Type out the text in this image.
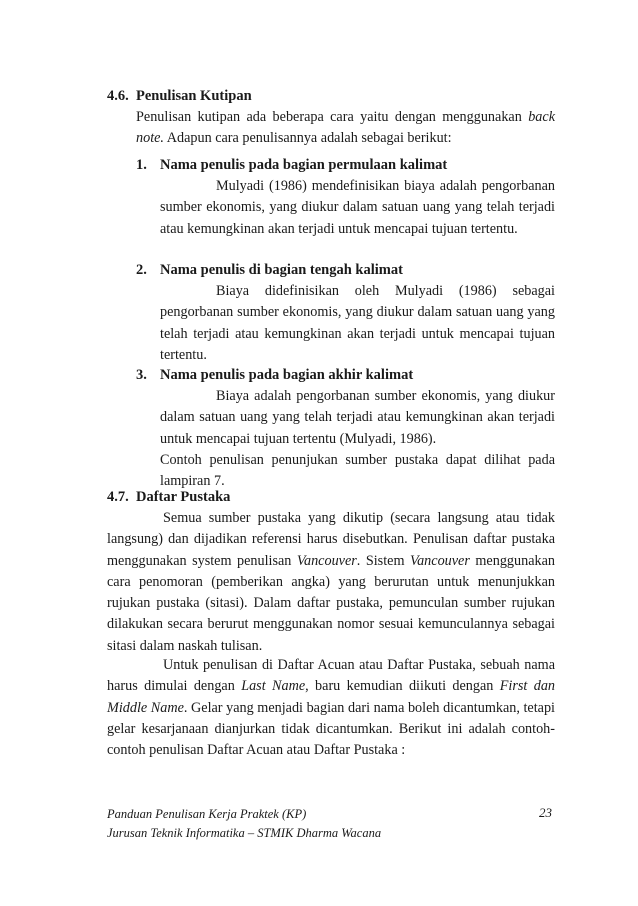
4.6. Penulisan Kutipan

Penulisan kutipan ada beberapa cara yaitu dengan menggunakan back note. Adapun cara penulisannya adalah sebagai berikut:

1. Nama penulis pada bagian permulaan kalimat

Mulyadi (1986) mendefinisikan biaya adalah pengorbanan sumber ekonomis, yang diukur dalam satuan uang yang telah terjadi atau kemungkinan akan terjadi untuk mencapai tujuan tertentu.

2. Nama penulis di bagian tengah kalimat

Biaya didefinisikan oleh Mulyadi (1986) sebagai pengorbanan sumber ekonomis, yang diukur dalam satuan uang yang telah terjadi atau kemungkinan akan terjadi untuk mencapai tujuan tertentu.

3. Nama penulis pada bagian akhir kalimat

Biaya adalah pengorbanan sumber ekonomis, yang diukur dalam satuan uang yang telah terjadi atau kemungkinan akan terjadi untuk mencapai tujuan tertentu (Mulyadi, 1986).

Contoh penulisan penunjukan sumber pustaka dapat dilihat pada lampiran 7.

4.7. Daftar Pustaka

Semua sumber pustaka yang dikutip (secara langsung atau tidak langsung) dan dijadikan referensi harus disebutkan. Penulisan daftar pustaka menggunakan system penulisan Vancouver. Sistem Vancouver menggunakan cara penomoran (pemberikan angka) yang berurutan untuk menunjukkan rujukan pustaka (sitasi). Dalam daftar pustaka, pemunculan sumber rujukan dilakukan secara berurut menggunakan nomor sesuai kemunculannya sebagai sitasi dalam naskah tulisan.

Untuk penulisan di Daftar Acuan atau Daftar Pustaka, sebuah nama harus dimulai dengan Last Name, baru kemudian diikuti dengan First dan Middle Name. Gelar yang menjadi bagian dari nama boleh dicantumkan, tetapi gelar kesarjanaan dianjurkan tidak dicantumkan. Berikut ini adalah contoh-contoh penulisan Daftar Acuan atau Daftar Pustaka :

Panduan Penulisan Kerja Praktek (KP)
Jurusan Teknik Informatika – STMIK Dharma Wacana
23
